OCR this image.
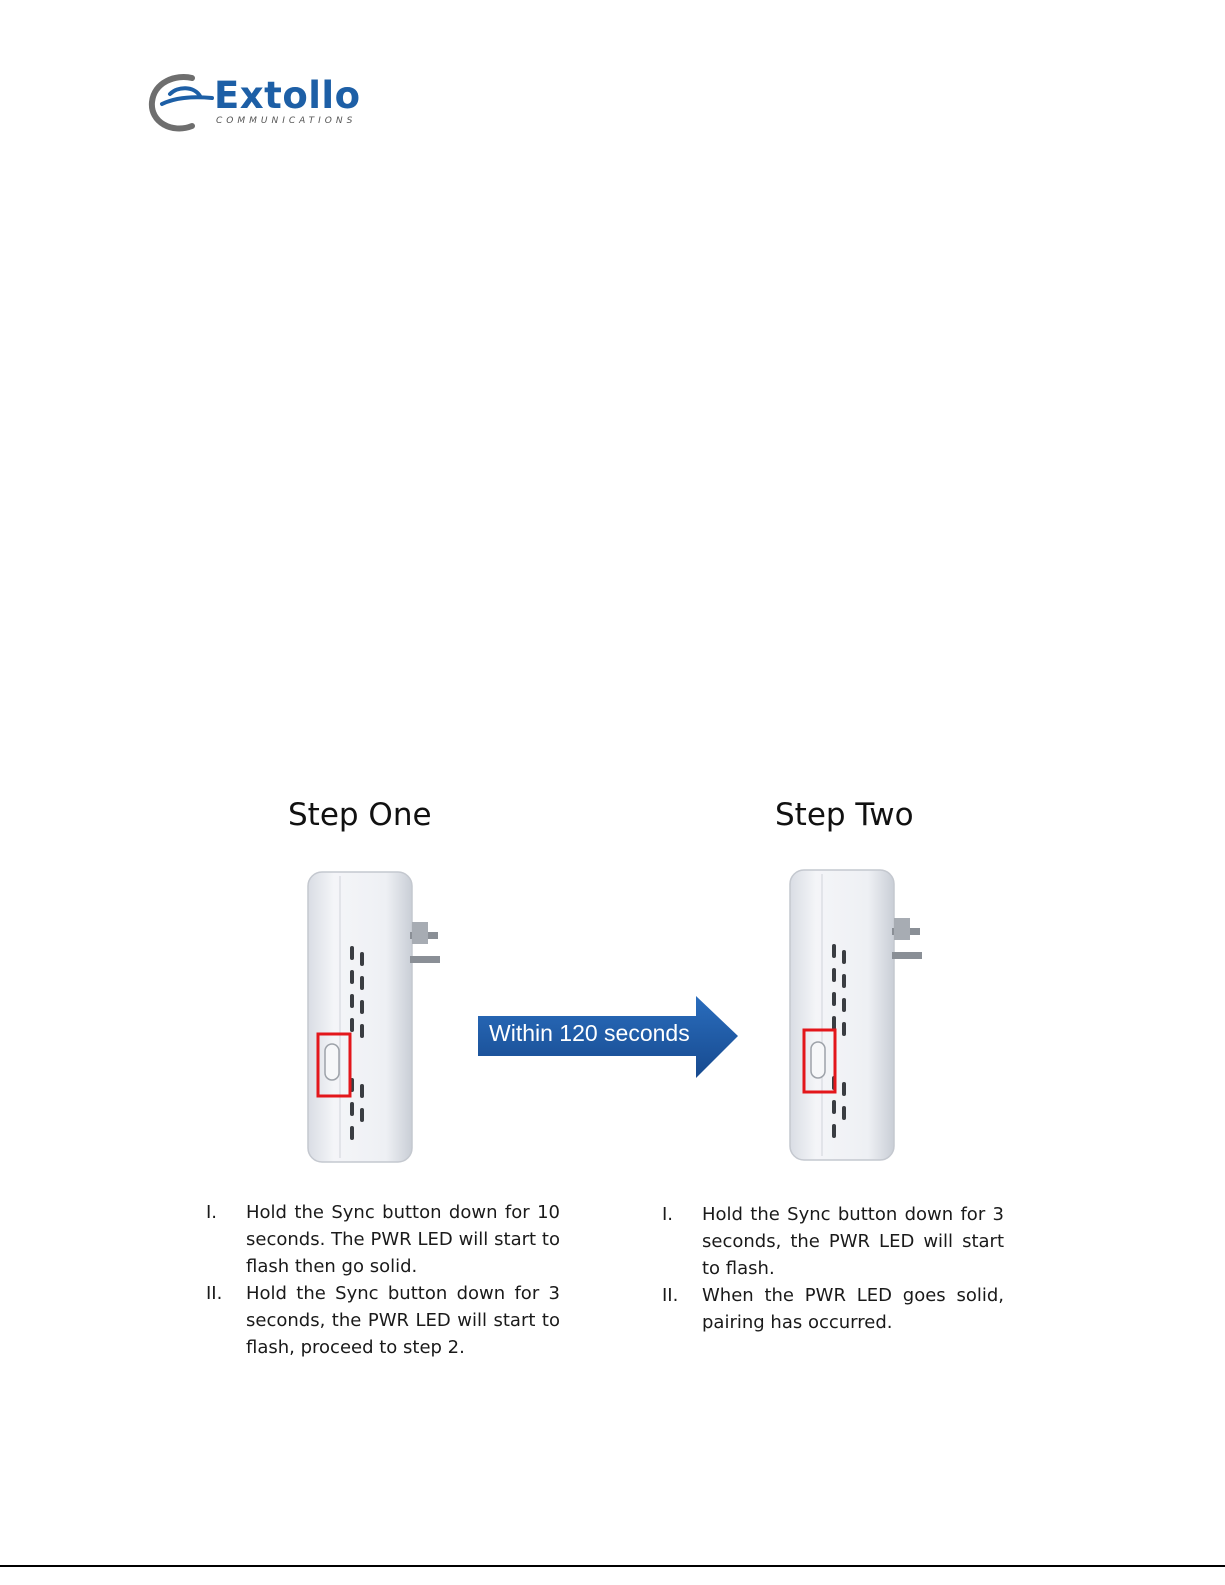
Extollo
COMMUNICATIONS
Step One	Step Two
Within 120 seconds
I. Hold the Sync button down for 10 seconds. The PWR LED will start to flash then go solid.
II. Hold the Sync button down for 3 seconds, the PWR LED will start to flash, proceed to step 2.
I. Hold the Sync button down for 3 seconds, the PWR LED will start to flash.
II. When the PWR LED goes solid, pairing has occurred.
